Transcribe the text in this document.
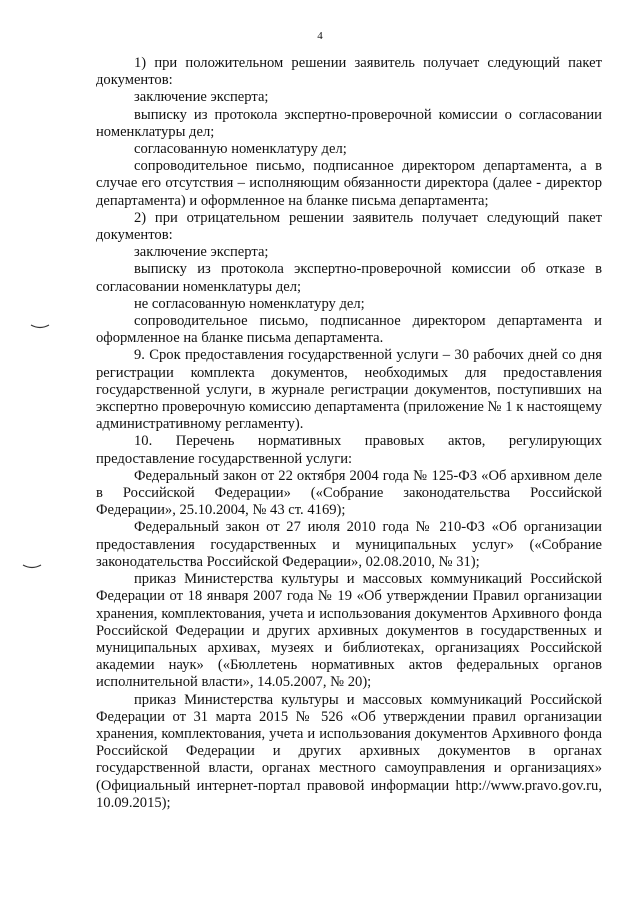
4

1) при положительном решении заявитель получает следующий пакет документов:

заключение эксперта;

выписку из протокола экспертно-проверочной комиссии о согласовании номенклатуры дел;

согласованную номенклатуру дел;

сопроводительное письмо, подписанное директором департамента, а в случае его отсутствия – исполняющим обязанности директора (далее - директор департамента) и оформленное на бланке письма департамента;

2) при отрицательном решении заявитель получает следующий пакет документов:

заключение эксперта;

выписку из протокола экспертно-проверочной комиссии об отказе в согласовании номенклатуры дел;

не согласованную номенклатуру дел;

сопроводительное письмо, подписанное директором департамента и оформленное на бланке письма департамента.

9. Срок предоставления государственной услуги – 30 рабочих дней со дня регистрации комплекта документов, необходимых для предоставления государственной услуги, в журнале регистрации документов, поступивших на экспертно проверочную комиссию департамента (приложение № 1 к настоящему административному регламенту).

10. Перечень нормативных правовых актов, регулирующих предоставление государственной услуги:

Федеральный закон от 22 октября 2004 года № 125-ФЗ «Об архивном деле в Российской Федерации» («Собрание законодательства Российской Федерации», 25.10.2004, № 43 ст. 4169);

Федеральный закон от 27 июля 2010 года № 210-ФЗ «Об организации предоставления государственных и муниципальных услуг» («Собрание законодательства Российской Федерации», 02.08.2010, № 31);

приказ Министерства культуры и массовых коммуникаций Российской Федерации от 18 января 2007 года № 19 «Об утверждении Правил организации хранения, комплектования, учета и использования документов Архивного фонда Российской Федерации и других архивных документов в государственных и муниципальных архивах, музеях и библиотеках, организациях Российской академии наук» («Бюллетень нормативных актов федеральных органов исполнительной власти», 14.05.2007, № 20);

приказ Министерства культуры и массовых коммуникаций Российской Федерации от 31 марта 2015 № 526 «Об утверждении правил организации хранения, комплектования, учета и использования документов Архивного фонда Российской Федерации и других архивных документов в органах государственной власти, органах местного самоуправления и организациях» (Официальный интернет-портал правовой информации http://www.pravo.gov.ru, 10.09.2015);
